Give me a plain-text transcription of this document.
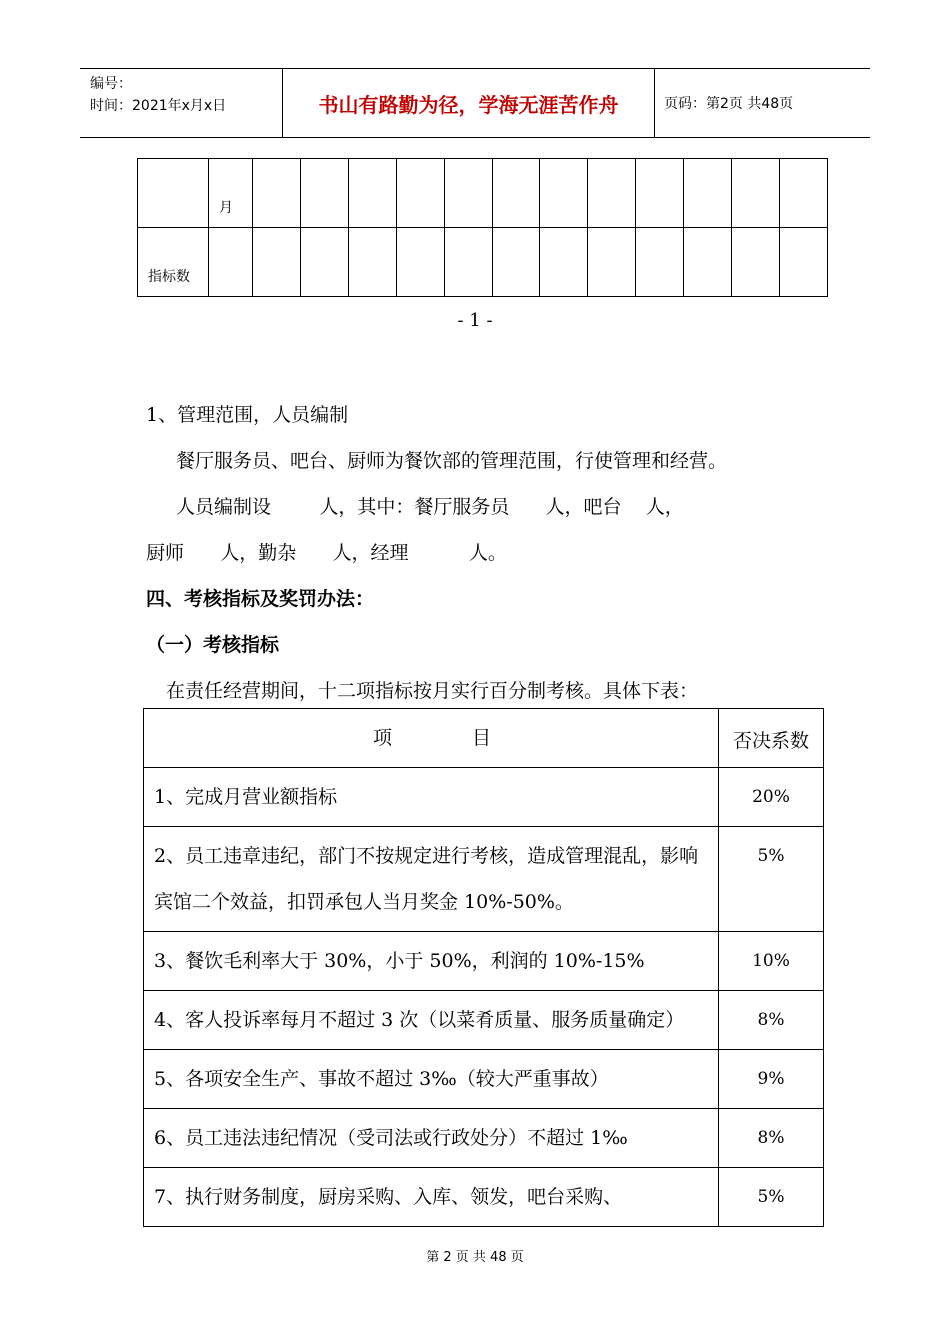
编号：
时间：2021年x月x日	书山有路勤为径，学海无涯苦作舟	页码：第2页 共48页

	月												

指标数													

- 1 -
1、管理范围，人员编制
餐厅服务员、吧台、厨师为餐饮部的管理范围，行使管理和经营。
人员编制设        人，其中：餐厅服务员      人，吧台    人，
厨师      人，勤杂      人，经理          人。
四、考核指标及奖罚办法：
（一）考核指标
在责任经营期间，十二项指标按月实行百分制考核。具体下表：
项 目	否决系数
1、完成月营业额指标	20%
2、员工违章违纪，部门不按规定进行考核，造成管理混乱，影响宾馆二个效益，扣罚承包人当月奖金 10%-50%。	5%
3、餐饮毛利率大于 30%，小于 50%，利润的 10%-15%	10%
4、客人投诉率每月不超过 3 次（以菜肴质量、服务质量确定）	8%
5、各项安全生产、事故不超过 3‰（较大严重事故）	9%
6、员工违法违纪情况（受司法或行政处分）不超过 1‰	8%
7、执行财务制度，厨房采购、入库、领发，吧台采购、	5%
第 2 页 共 48 页
